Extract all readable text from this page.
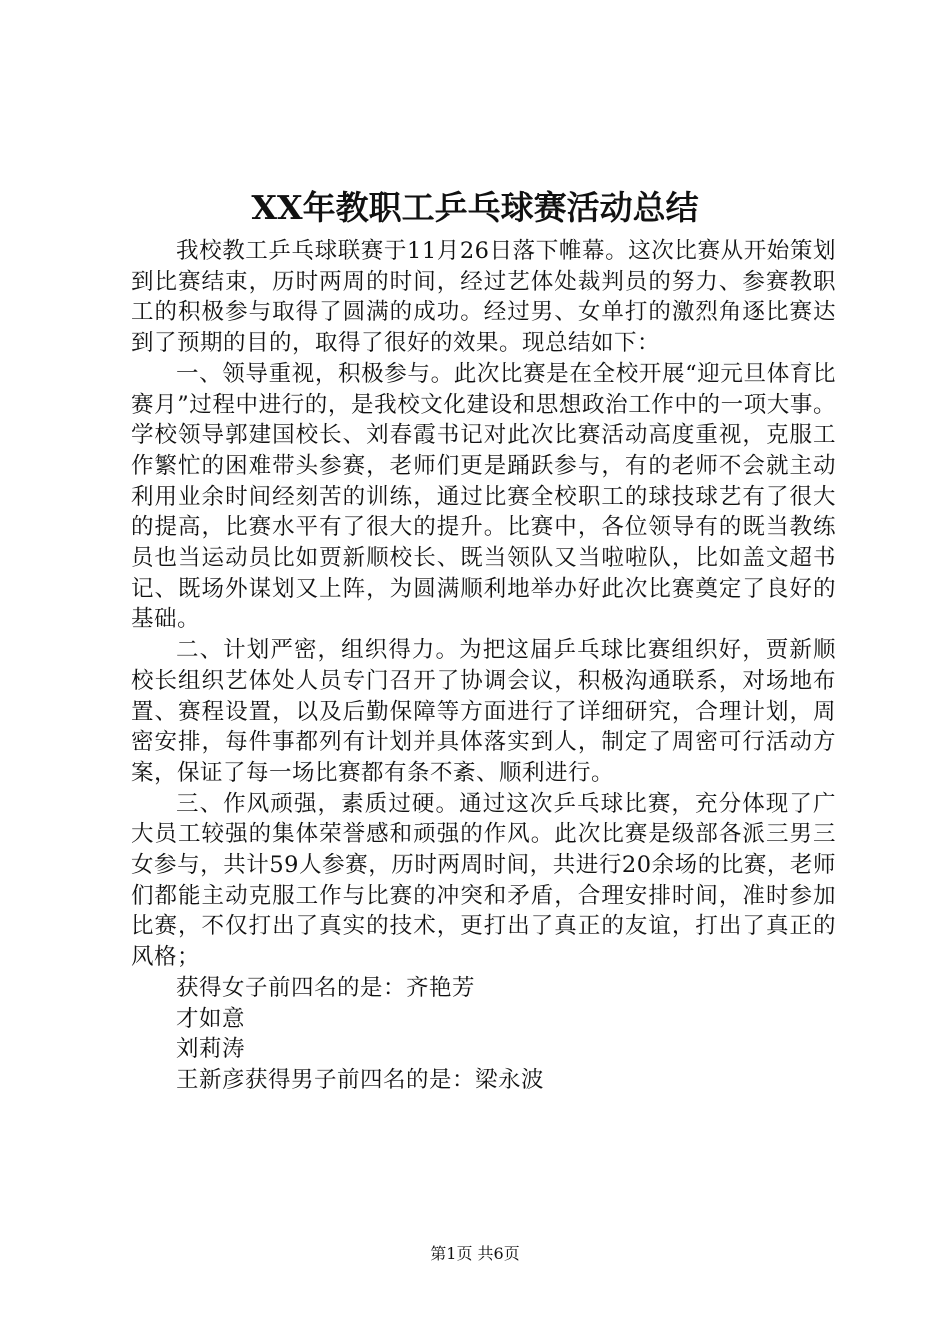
XX年教职工乒乓球赛活动总结

我校教工乒乓球联赛于11月26日落下帷幕。这次比赛从开始策划到比赛结束，历时两周的时间，经过艺体处裁判员的努力、参赛教职工的积极参与取得了圆满的成功。经过男、女单打的激烈角逐比赛达到了预期的目的，取得了很好的效果。现总结如下：

一、领导重视，积极参与。此次比赛是在全校开展“迎元旦体育比赛月”过程中进行的，是我校文化建设和思想政治工作中的一项大事。学校领导郭建国校长、刘春霞书记对此次比赛活动高度重视，克服工作繁忙的困难带头参赛，老师们更是踊跃参与，有的老师不会就主动利用业余时间经刻苦的训练，通过比赛全校职工的球技球艺有了很大的提高，比赛水平有了很大的提升。比赛中，各位领导有的既当教练员也当运动员比如贾新顺校长、既当领队又当啦啦队，比如盖文超书记、既场外谋划又上阵，为圆满顺利地举办好此次比赛奠定了良好的基础。

二、计划严密，组织得力。为把这届乒乓球比赛组织好，贾新顺校长组织艺体处人员专门召开了协调会议，积极沟通联系，对场地布置、赛程设置，以及后勤保障等方面进行了详细研究，合理计划，周密安排，每件事都列有计划并具体落实到人，制定了周密可行活动方案，保证了每一场比赛都有条不紊、顺利进行。

三、作风顽强，素质过硬。通过这次乒乓球比赛，充分体现了广大员工较强的集体荣誉感和顽强的作风。此次比赛是级部各派三男三女参与，共计59人参赛，历时两周时间，共进行20余场的比赛，老师们都能主动克服工作与比赛的冲突和矛盾，合理安排时间，准时参加比赛，不仅打出了真实的技术，更打出了真正的友谊，打出了真正的风格；

获得女子前四名的是：齐艳芳

才如意

刘莉涛

王新彦获得男子前四名的是：梁永波

第1页 共6页
